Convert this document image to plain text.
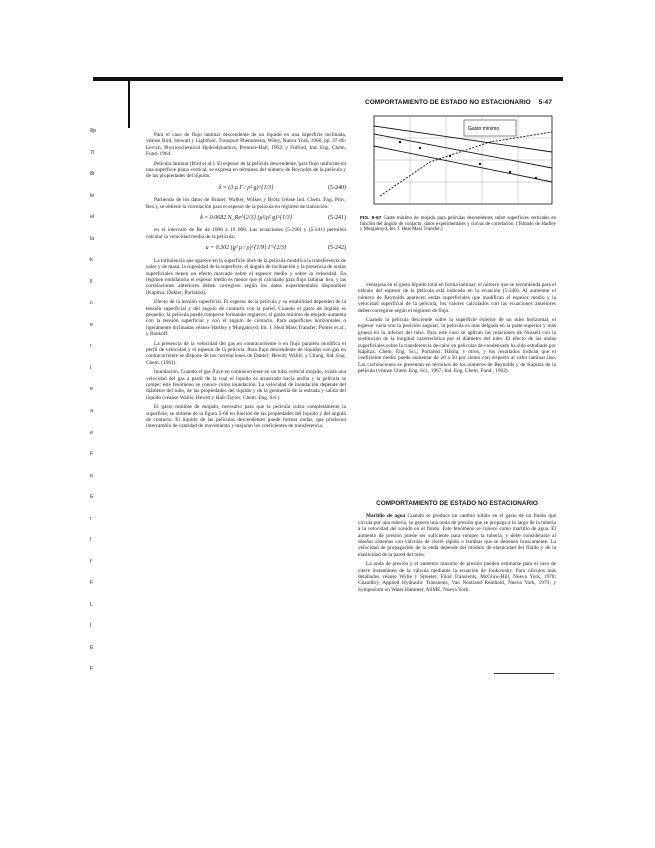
COMPORTAMIENTO DE ESTADO NO ESTACIONARIO 5-47
8p
7l
8r
le
el
la
k
ll
c
e
r
l
e
a
e
F
o
E
r
l
f
F
L
I
E
F

Para el caso de flujo laminar descendente de un líquido en una superficie inclinada, véanse Bird, Stewart y Lightfoot, Transport Phenomena, Wiley, Nueva York, 1960, pp. 37-40; Levich, Physicochemical Hydrodynamics, Prentice-Hall, 1962; y Fulford, Ind. Eng. Chem. Fund. 1964.

Película laminar (Bird et al.). El espesor de la película descendente, para flujo uniforme en una superficie plana vertical, se expresa en términos del número de Reynolds de la película y de las propiedades del líquido:

δ = (3 μ Γ / ρ² g)^{1/3}	(5-240)

Partiendo de los datos de Brauer, Walker, Wilkes y Brötz (véase Ind. Chem. Eng. Proc. Res.), se obtiene la correlación para el espesor de la película en régimen de transición:

δ = 0.0682 N_Re^{2/3} (μ²/ρ² g)^{1/3}	(5-241)

en el intervalo de Re de 1000 a 10 000. Las ecuaciones (5-240) y (5-241) permiten calcular la velocidad media de la película:

u = 0.302 (g³ μ / ρ)^{1/9} Γ^{2/3}	(5-242)

La turbulencia que aparece en la superficie libre de la película modifica la transferencia de calor y de masa; la rugosidad de la superficie, el ángulo de inclinación y la presencia de ondas superficiales tienen un efecto marcado sobre el espesor medio y sobre la velocidad. En régimen ondulatorio el espesor medio es menor que el calculado para flujo laminar liso, y las correlaciones anteriores deben corregirse según los datos experimentales disponibles (Kapitza; Dukler; Portalski).

Efecto de la tensión superficial. El espesor de la película y su estabilidad dependen de la tensión superficial y del ángulo de contacto con la pared. Cuando el gasto de líquido es pequeño, la película puede romperse formando regueros; el gasto mínimo de mojado aumenta con la tensión superficial y con el ángulo de contacto. Para superficies horizontales o ligeramente inclinadas véanse Hartley y Murgatroyd, Int. J. Heat Mass Transfer; Ponter et al.; y Bankoff.

La presencia de la velocidad del gas en contracorriente o en flujo paralelo modifica el perfil de velocidad y el espesor de la película. Para flujo descendente de líquidos con gas en contracorriente se dispone de las correlaciones de Dukler; Hewitt; Wallis; y Chung, Ind. Eng. Chem. (1961).

Inundación. Cuando el gas fluye en contracorriente en un tubo vertical mojado, existe una velocidad del gas a partir de la cual el líquido es arrastrado hacia arriba y la película se rompe; este fenómeno se conoce como inundación. La velocidad de inundación depende del diámetro del tubo, de las propiedades del líquido y de la geometría de la entrada y salida del líquido (véanse Wallis; Hewitt y Hall-Taylor; Chem. Eng. Sci.).

El gasto mínimo de mojado, necesario para que la película cubra completamente la superficie, se obtiene de la figura 5-68 en función de las propiedades del líquido y del ángulo de contacto. El líquido de las películas descendentes puede formar ondas, que producen intercambio de cantidad de movimiento y mejoran los coeficientes de transferencia.

Gasto mínimo
FIG. 5-67 Gasto mínimo de mojado para películas descendentes sobre superficies verticales en función del ángulo de contacto; datos experimentales y curvas de correlación. (Tomado de Hartley y Murgatroyd, Int. J. Heat Mass Transfer.)

ventajosa en el gasto líquido total en forma laminar; el número que se recomienda para el cálculo del espesor de la película está indicado en la ecuación (5-240). Al aumentar el número de Reynolds aparecen ondas superficiales que modifican el espesor medio y la velocidad superficial de la película; los valores calculados con las ecuaciones anteriores deben corregirse según el régimen de flujo.

Cuando la película desciende sobre la superficie exterior de un tubo horizontal, el espesor varía con la posición angular; la película es más delgada en la parte superior y más gruesa en la inferior del tubo. Para este caso se aplican las relaciones de Nusselt con la sustitución de la longitud característica por el diámetro del tubo. El efecto de las ondas superficiales sobre la transferencia de calor en películas de condensado ha sido estudiado por Kapitza; Chem. Eng. Sci.; Portalski; Hikita; y otros, y los resultados indican que el coeficiente medio puede aumentar de 20 a 50 por ciento con respecto al valor laminar liso. Las correlaciones se presentan en términos de los números de Reynolds y de Kapitza de la película (véanse Chem. Eng. Sci., 1967; Ind. Eng. Chem. Fund., 1962).

COMPORTAMIENTO DE ESTADO NO ESTACIONARIO

Martillo de agua Cuando se produce un cambio súbito en el gasto de un fluido que circula por una tubería, se genera una onda de presión que se propaga a lo largo de la tubería a la velocidad del sonido en el fluido. Este fenómeno se conoce como martillo de agua. El aumento de presión puede ser suficiente para romper la tubería, y debe considerarse al diseñar sistemas con válvulas de cierre rápido o bombas que se detienen bruscamente. La velocidad de propagación de la onda depende del módulo de elasticidad del fluido y de la elasticidad de la pared del tubo.

La onda de presión y el aumento máximo de presión pueden estimarse para el caso de cierre instantáneo de la válvula mediante la ecuación de Joukowsky. Para cálculos más detallados véanse Wylie y Streeter, Fluid Transients, McGraw-Hill, Nueva York, 1978; Chaudhry, Applied Hydraulic Transients, Van Nostrand Reinhold, Nueva York, 1979; y Symposium on Water Hammer, ASME, Nueva York.
